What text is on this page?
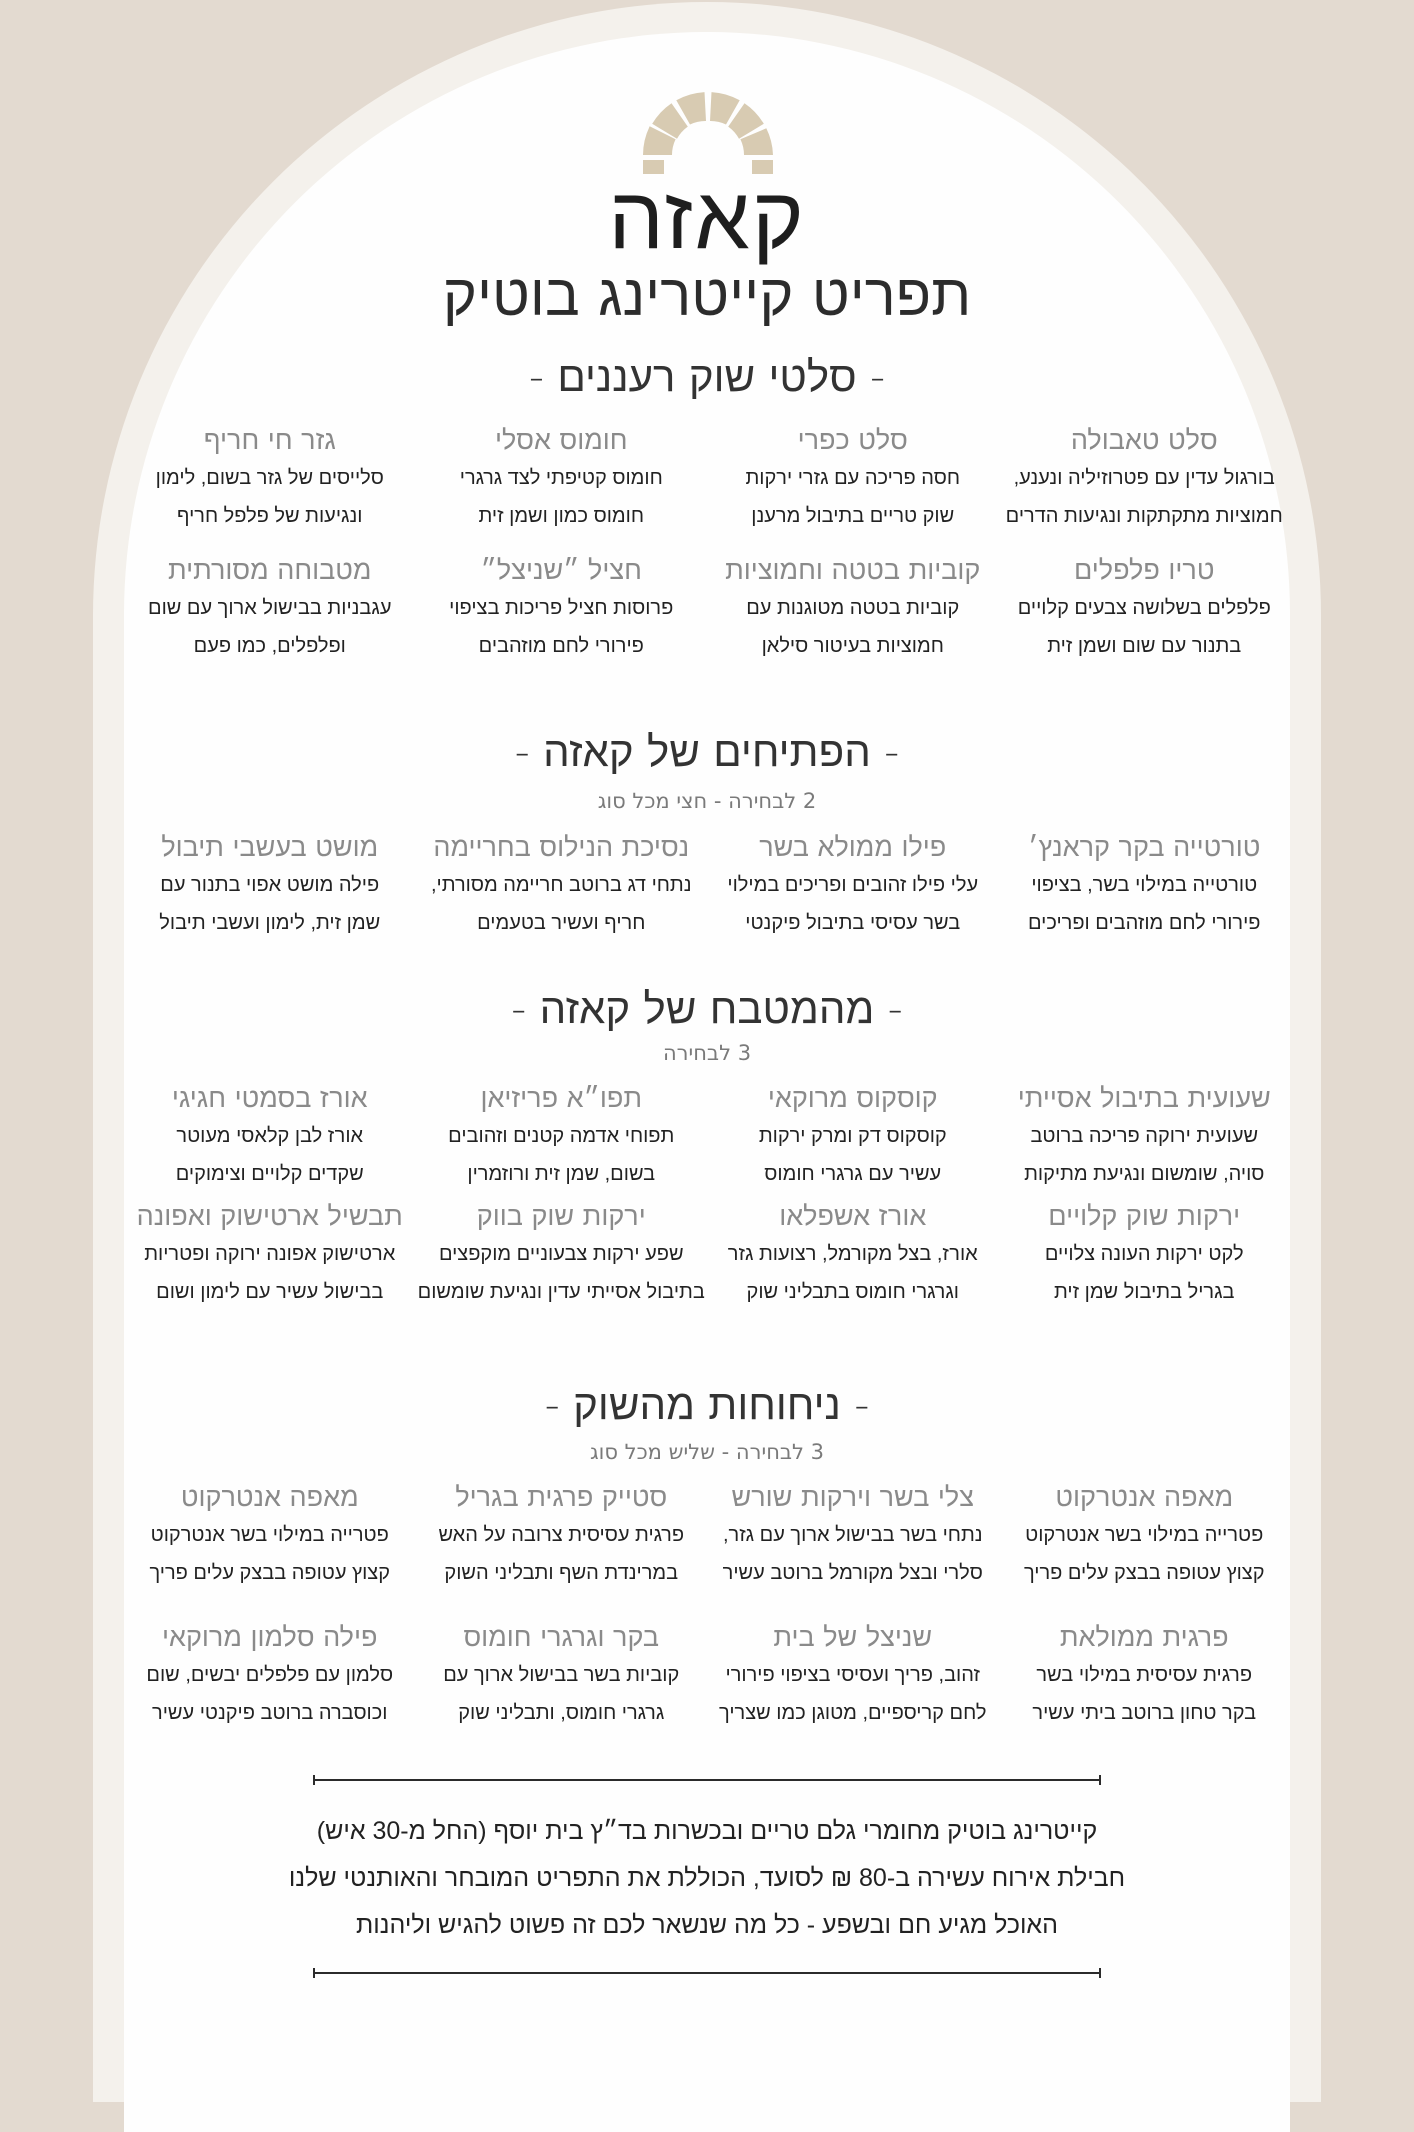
קאזה
תפריט קייטרינג בוטיק
- סלטי שוק רעננים -
סלט טאבולה
בורגול עדין עם פטרוזיליה ונענע,
חמוציות מתקתקות ונגיעות הדרים
סלט כפרי
חסה פריכה עם גזרי ירקות
שוק טריים בתיבול מרענן
חומוס אסלי
חומוס קטיפתי לצד גרגרי
חומוס כמון ושמן זית
גזר חי חריף
סלייסים של גזר בשום, לימון
ונגיעות של פלפל חריף
טריו פלפלים
פלפלים בשלושה צבעים קלויים
בתנור עם שום ושמן זית
קוביות בטטה וחמוציות
קוביות בטטה מטוגנות עם
חמוציות בעיטור סילאן
חציל ״שניצל״
פרוסות חציל פריכות בציפוי
פירורי לחם מוזהבים
מטבוחה מסורתית
עגבניות בבישול ארוך עם שום
ופלפלים, כמו פעם
- הפתיחים של קאזה -
2 לבחירה - חצי מכל סוג
טורטייה בקר קראנץ׳
טורטייה במילוי בשר, בציפוי
פירורי לחם מוזהבים ופריכים
פילו ממולא בשר
עלי פילו זהובים ופריכים במילוי
בשר עסיסי בתיבול פיקנטי
נסיכת הנילוס בחריימה
נתחי דג ברוטב חריימה מסורתי,
חריף ועשיר בטעמים
מושט בעשבי תיבול
פילה מושט אפוי בתנור עם
שמן זית, לימון ועשבי תיבול
- מהמטבח של קאזה -
3 לבחירה
שעועית בתיבול אסייתי
שעועית ירוקה פריכה ברוטב
סויה, שומשום ונגיעת מתיקות
קוסקוס מרוקאי
קוסקוס דק ומרק ירקות
עשיר עם גרגרי חומוס
תפו״א פריזיאן
תפוחי אדמה קטנים וזהובים
בשום, שמן זית ורוזמרין
אורז בסמטי חגיגי
אורז לבן קלאסי מעוטר
שקדים קלויים וצימוקים
ירקות שוק קלויים
לקט ירקות העונה צלויים
בגריל בתיבול שמן זית
אורז אשפלאו
אורז, בצל מקורמל, רצועות גזר
וגרגרי חומוס בתבליני שוק
ירקות שוק בווק
שפע ירקות צבעוניים מוקפצים
בתיבול אסייתי עדין ונגיעת שומשום
תבשיל ארטישוק ואפונה
ארטישוק אפונה ירוקה ופטריות
בבישול עשיר עם לימון ושום
- ניחוחות מהשוק -
3 לבחירה - שליש מכל סוג
מאפה אנטרקוט
פטרייה במילוי בשר אנטרקוט
קצוץ עטופה בבצק עלים פריך
צלי בשר וירקות שורש
נתחי בשר בבישול ארוך עם גזר,
סלרי ובצל מקורמל ברוטב עשיר
סטייק פרגית בגריל
פרגית עסיסית צרובה על האש
במרינדת השף ותבליני השוק
מאפה אנטרקוט
פטרייה במילוי בשר אנטרקוט
קצוץ עטופה בבצק עלים פריך
פרגית ממולאת
פרגית עסיסית במילוי בשר
בקר טחון ברוטב ביתי עשיר
שניצל של בית
זהוב, פריך ועסיסי בציפוי פירורי
לחם קריספיים, מטוגן כמו שצריך
בקר וגרגרי חומוס
קוביות בשר בבישול ארוך עם
גרגרי חומוס, ותבליני שוק
פילה סלמון מרוקאי
סלמון עם פלפלים יבשים, שום
וכוסברה ברוטב פיקנטי עשיר
קייטרינג בוטיק מחומרי גלם טריים ובכשרות בד״ץ בית יוסף (החל מ-30 איש)
חבילת אירוח עשירה ב-80 ₪ לסועד, הכוללת את התפריט המובחר והאותנטי שלנו
האוכל מגיע חם ובשפע - כל מה שנשאר לכם זה פשוט להגיש וליהנות
